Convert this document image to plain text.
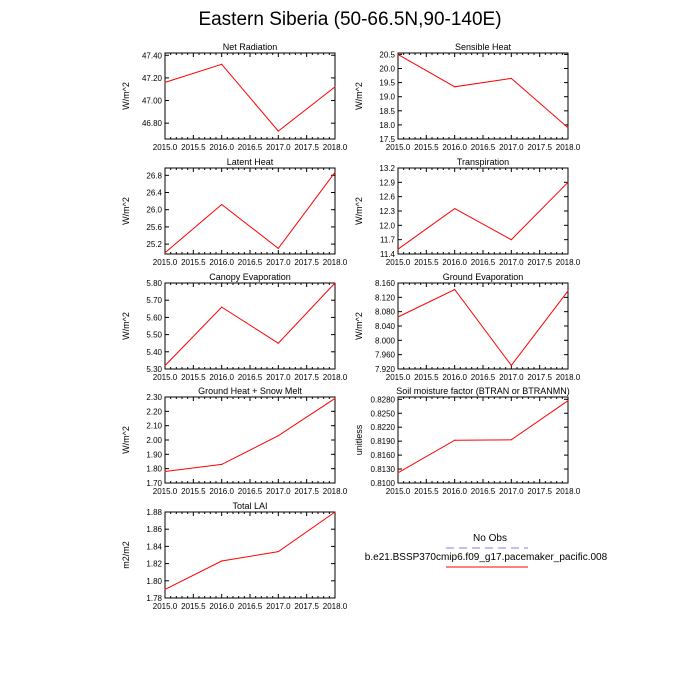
Eastern Siberia (50-66.5N,90-140E)
Net Radiation
W/m^2
2015.0 2015.5 2016.0 2016.5 2017.0 2017.5 2018.0
46.80
47.00
47.20
47.40
Sensible Heat
W/m^2
2015.0 2015.5 2016.0 2016.5 2017.0 2017.5 2018.0
17.5
18.0
18.5
19.0
19.5
20.0
20.5
Latent Heat
W/m^2
2015.0 2015.5 2016.0 2016.5 2017.0 2017.5 2018.0
25.2
25.6
26.0
26.4
26.8
Transpiration
W/m^2
2015.0 2015.5 2016.0 2016.5 2017.0 2017.5 2018.0
11.4
11.7
12.0
12.3
12.6
12.9
13.2
Canopy Evaporation
W/m^2
2015.0 2015.5 2016.0 2016.5 2017.0 2017.5 2018.0
5.30
5.40
5.50
5.60
5.70
5.80
Ground Evaporation
W/m^2
2015.0 2015.5 2016.0 2016.5 2017.0 2017.5 2018.0
7.920
7.960
8.000
8.040
8.080
8.120
8.160
Ground Heat + Snow Melt
W/m^2
2015.0 2015.5 2016.0 2016.5 2017.0 2017.5 2018.0
1.70
1.80
1.90
2.00
2.10
2.20
2.30
Soil moisture factor (BTRAN or BTRANMN)
unitless
2015.0 2015.5 2016.0 2016.5 2017.0 2017.5 2018.0
0.8100
0.8130
0.8160
0.8190
0.8220
0.8250
0.8280
Total LAI
m2/m2
2015.0 2015.5 2016.0 2016.5 2017.0 2017.5 2018.0
1.78
1.80
1.82
1.84
1.86
1.88
No Obs
b.e21.BSSP370cmip6.f09_g17.pacemaker_pacific.008
